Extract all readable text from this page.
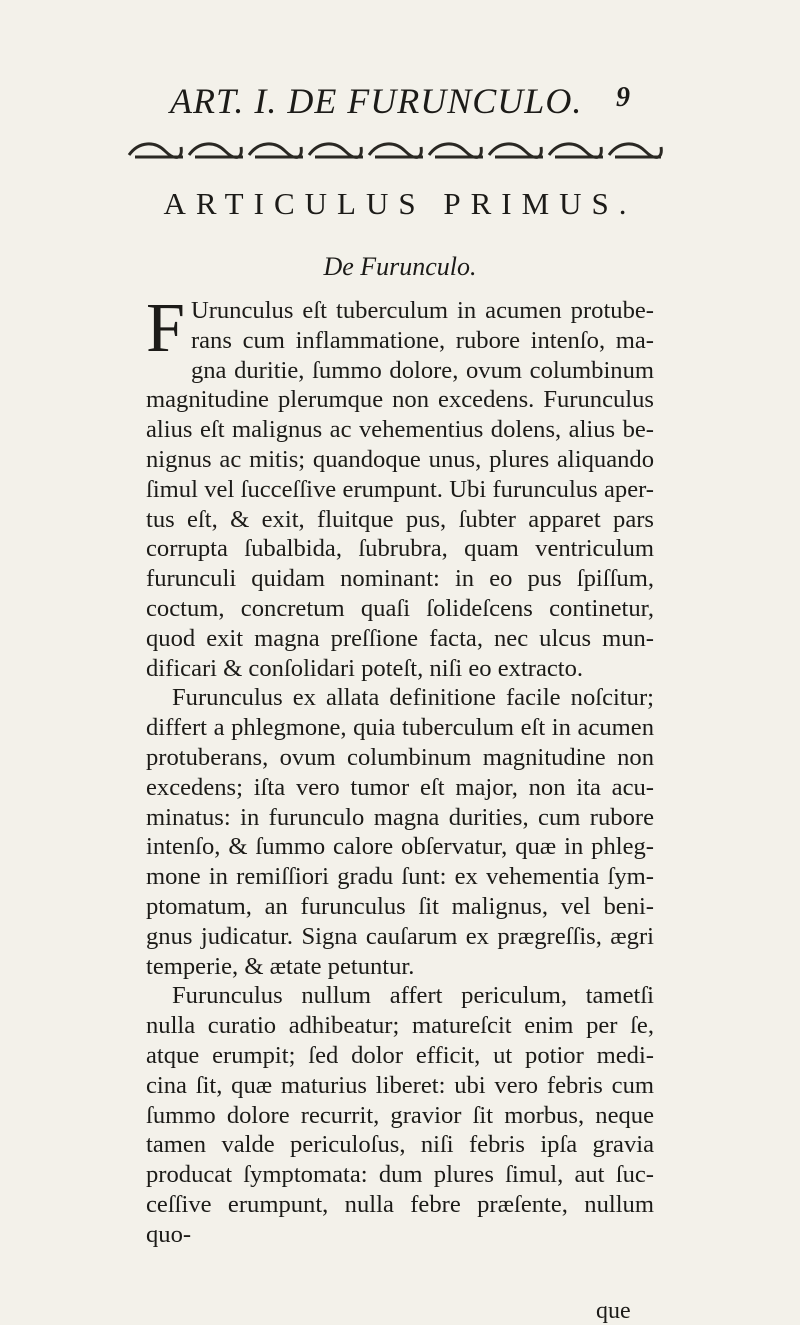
ART. I. DE FURUNCULO. 9
ARTICULUS PRIMUS.
De Furunculo.

F Urunculus eſt tuberculum in acumen protube- rans cum inflammatione, rubore intenſo, ma- gna duritie, ſummo dolore, ovum columbinum magnitudine plerumque non excedens. Furunculus alius eſt malignus ac vehementius dolens, alius be- nignus ac mitis; quandoque unus, plures aliquando ſimul vel ſucceſſive erumpunt. Ubi furunculus aper- tus eſt, & exit, fluitque pus, ſubter apparet pars corrupta ſubalbida, ſubrubra, quam ventriculum furunculi quidam nominant: in eo pus ſpiſſum, coctum, concretum quaſi ſolideſcens continetur, quod exit magna preſſione facta, nec ulcus mun- dificari & conſolidari poteſt, niſi eo extracto.

Furunculus ex allata definitione facile noſcitur; differt a phlegmone, quia tuberculum eſt in acumen protuberans, ovum columbinum magnitudine non excedens; iſta vero tumor eſt major, non ita acu- minatus: in furunculo magna durities, cum rubore intenſo, & ſummo calore obſervatur, quæ in phleg- mone in remiſſiori gradu ſunt: ex vehementia ſym- ptomatum, an furunculus ſit malignus, vel beni- gnus judicatur. Signa cauſarum ex prægreſſis, ægri temperie, & ætate petuntur.

Furunculus nullum affert periculum, tametſi nulla curatio adhibeatur; matureſcit enim per ſe, atque erumpit; ſed dolor efficit, ut potior medi- cina ſit, quæ maturius liberet: ubi vero febris cum ſummo dolore recurrit, gravior ſit morbus, neque tamen valde periculoſus, niſi febris ipſa gravia producat ſymptomata: dum plures ſimul, aut ſuc- ceſſive erumpunt, nulla febre præſente, nullum quo-

que
